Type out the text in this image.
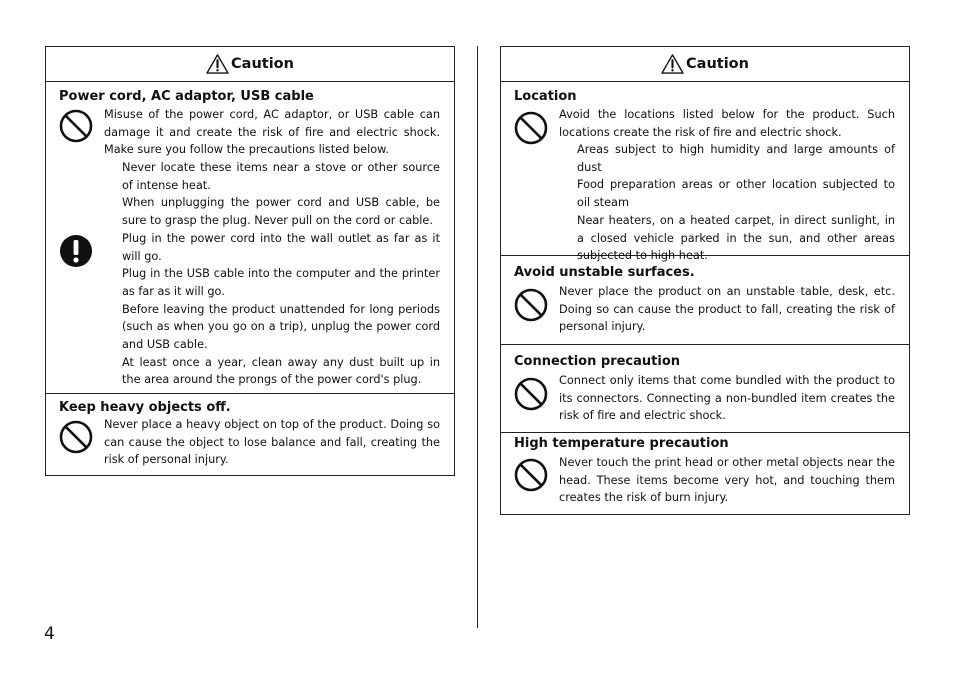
Caution
Power cord, AC adaptor, USB cable
Misuse of the power cord, AC adaptor, or USB cable can damage it and create the risk of fire and electric shock. Make sure you follow the precautions listed below.

Never locate these items near a stove or other source of intense heat.

When unplugging the power cord and USB cable, be sure to grasp the plug. Never pull on the cord or cable.

Plug in the power cord into the wall outlet as far as it will go.

Plug in the USB cable into the computer and the printer as far as it will go.

Before leaving the product unattended for long periods (such as when you go on a trip), unplug the power cord and USB cable.

At least once a year, clean away any dust built up in the area around the prongs of the power cord's plug.

Keep heavy objects off.
Never place a heavy object on top of the product. Doing so can cause the object to lose balance and fall, creating the risk of personal injury.
Caution
Location
Avoid the locations listed below for the product. Such locations create the risk of fire and electric shock.

Areas subject to high humidity and large amounts of dust

Food preparation areas or other location subjected to oil steam

Near heaters, on a heated carpet, in direct sunlight, in a closed vehicle parked in the sun, and other areas subjected to high heat.

Avoid unstable surfaces.
Never place the product on an unstable table, desk, etc. Doing so can cause the product to fall, creating the risk of personal injury.
Connection precaution
Connect only items that come bundled with the product to its connectors. Connecting a non-bundled item creates the risk of fire and electric shock.
High temperature precaution
Never touch the print head or other metal objects near the head. These items become very hot, and touching them creates the risk of burn injury.
4
